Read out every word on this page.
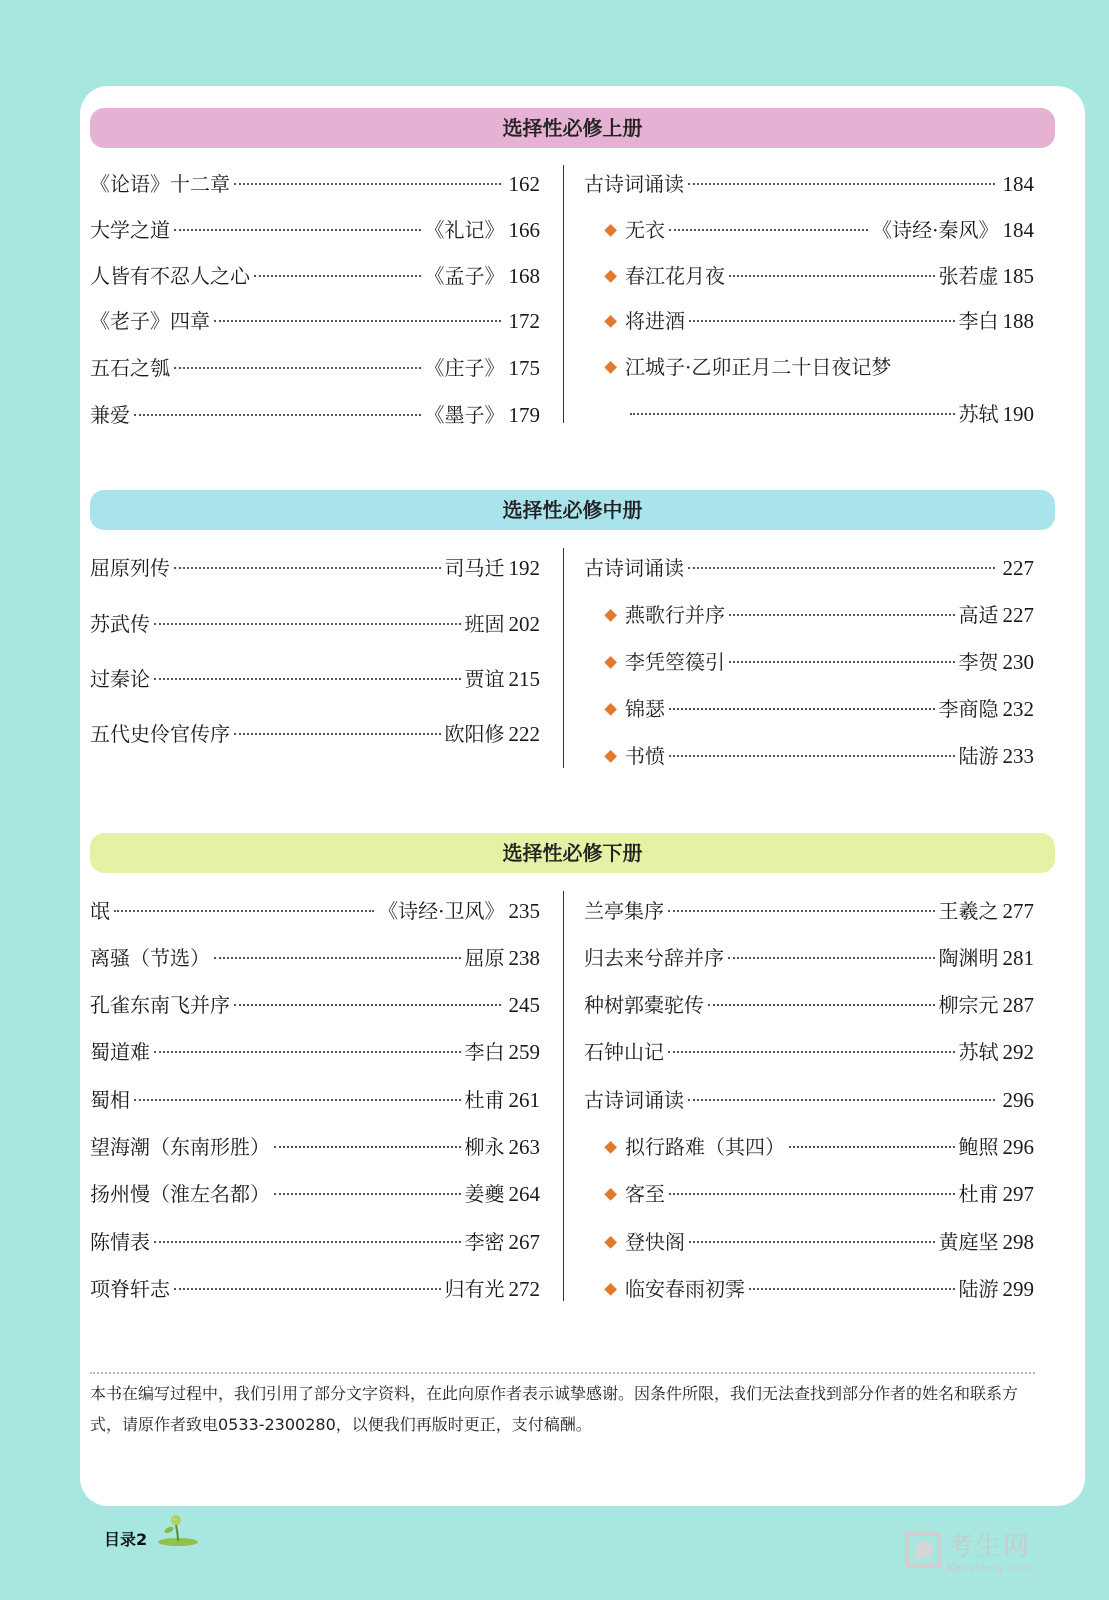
选择性必修上册
《论语》十二章	162
大学之道	《礼记》 166
人皆有不忍人之心	《孟子》 168
《老子》四章	172
五石之瓠	《庄子》 175
兼爱	《墨子》 179
古诗词诵读	184
无衣	《诗经·秦风》 184
春江花月夜	张若虚 185
将进酒	李白 188
江城子·乙卯正月二十日夜记梦
苏轼 190
选择性必修中册
屈原列传	司马迁 192
苏武传	班固 202
过秦论	贾谊 215
五代史伶官传序	欧阳修 222
古诗词诵读	227
燕歌行并序	高适 227
李凭箜篌引	李贺 230
锦瑟	李商隐 232
书愤	陆游 233
选择性必修下册
氓	《诗经·卫风》 235
离骚（节选）	屈原 238
孔雀东南飞并序	245
蜀道难	李白 259
蜀相	杜甫 261
望海潮（东南形胜）	柳永 263
扬州慢（淮左名都）	姜夔 264
陈情表	李密 267
项脊轩志	归有光 272
兰亭集序	王羲之 277
归去来兮辞并序	陶渊明 281
种树郭橐驼传	柳宗元 287
石钟山记	苏轼 292
古诗词诵读	296
拟行路难（其四）	鲍照 296
客至	杜甫 297
登快阁	黄庭坚 298
临安春雨初霁	陆游 299
本书在编写过程中，我们引用了部分文字资料，在此向原作者表示诚挚感谢。因条件所限，我们无法查找到部分作者的姓名和联系方式，请原作者致电0533-2300280，以便我们再版时更正，支付稿酬。
目录2	考生网
Kaosheng.com
